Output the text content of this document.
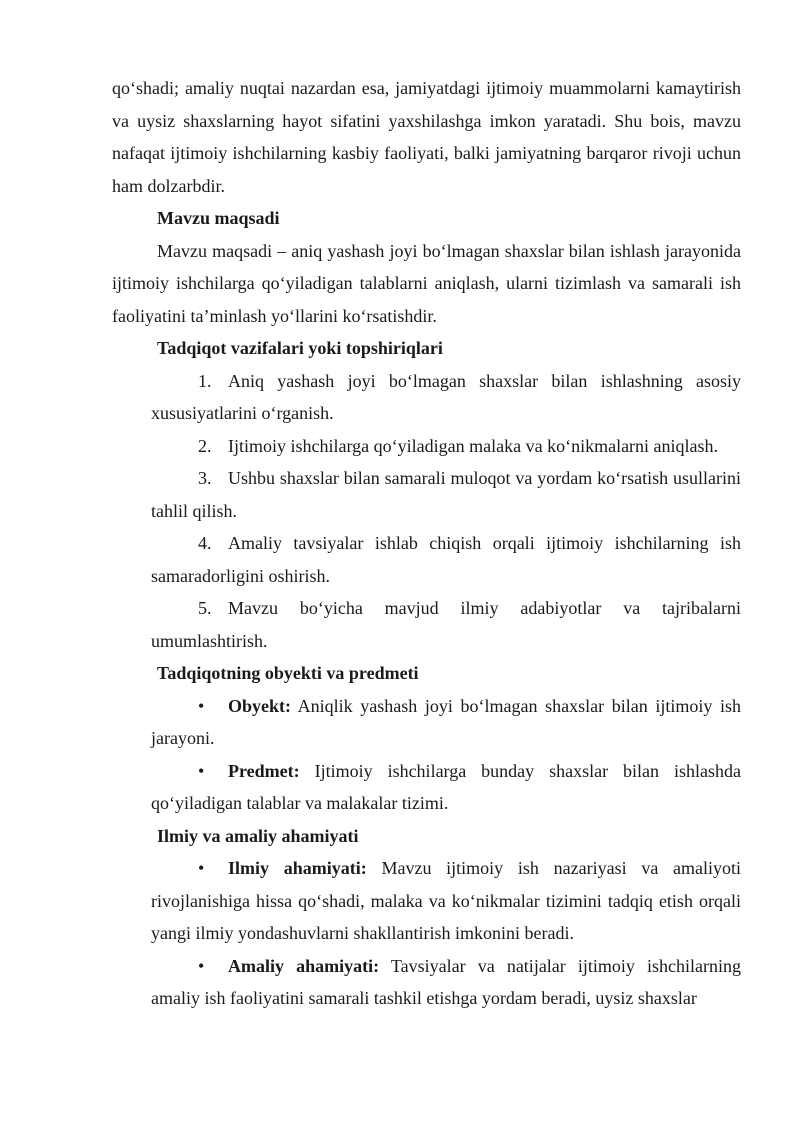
qo‘shadi; amaliy nuqtai nazardan esa, jamiyatdagi ijtimoiy muammolarni kamaytirish va uysiz shaxslarning hayot sifatini yaxshilashga imkon yaratadi. Shu bois, mavzu nafaqat ijtimoiy ishchilarning kasbiy faoliyati, balki jamiyatning barqaror rivoji uchun ham dolzarbdir.

Mavzu maqsadi

Mavzu maqsadi – aniq yashash joyi bo‘lmagan shaxslar bilan ishlash jarayonida ijtimoiy ishchilarga qo‘yiladigan talablarni aniqlash, ularni tizimlash va samarali ish faoliyatini ta’minlash yo‘llarini ko‘rsatishdir.

Tadqiqot vazifalari yoki topshiriqlari

1. Aniq yashash joyi bo‘lmagan shaxslar bilan ishlashning asosiy xususiyatlarini o‘rganish.

2. Ijtimoiy ishchilarga qo‘yiladigan malaka va ko‘nikmalarni aniqlash.

3. Ushbu shaxslar bilan samarali muloqot va yordam ko‘rsatish usullarini tahlil qilish.

4. Amaliy tavsiyalar ishlab chiqish orqali ijtimoiy ishchilarning ish samaradorligini oshirish.

5. Mavzu bo‘yicha mavjud ilmiy adabiyotlar va tajribalarni umumlashtirish.

Tadqiqotning obyekti va predmeti

• Obyekt: Aniqlik yashash joyi bo‘lmagan shaxslar bilan ijtimoiy ish jarayoni.

• Predmet: Ijtimoiy ishchilarga bunday shaxslar bilan ishlashda qo‘yiladigan talablar va malakalar tizimi.

Ilmiy va amaliy ahamiyati

• Ilmiy ahamiyati: Mavzu ijtimoiy ish nazariyasi va amaliyoti rivojlanishiga hissa qo‘shadi, malaka va ko‘nikmalar tizimini tadqiq etish orqali yangi ilmiy yondashuvlarni shakllantirish imkonini beradi.

• Amaliy ahamiyati: Tavsiyalar va natijalar ijtimoiy ishchilarning amaliy ish faoliyatini samarali tashkil etishga yordam beradi, uysiz shaxslar
